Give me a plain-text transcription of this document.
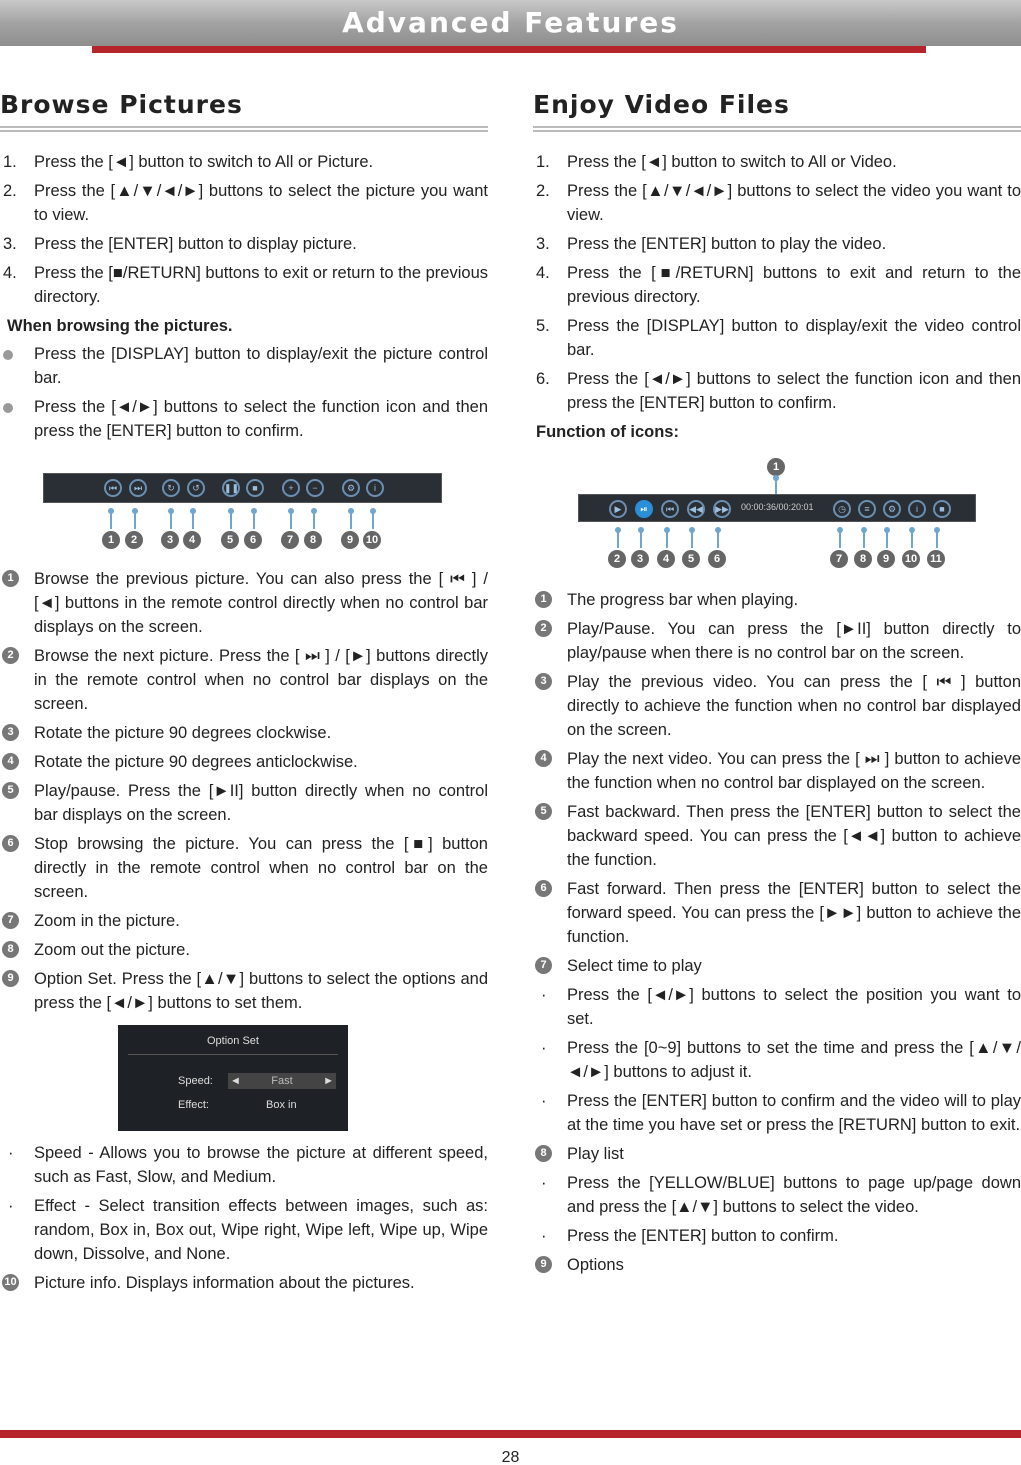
Advanced Features
Browse Pictures
1. Press the [◄] button to switch to All or Picture.
2. Press the [▲/▼/◄/►] buttons to select the picture you want to view.
3. Press the [ENTER] button to display picture.
4. Press the [■/RETURN] buttons to exit or return to the previous directory.
When browsing the pictures.
Press the [DISPLAY] button to display/exit the picture control bar.
Press the [◄/►] buttons to select the function icon and then press the [ENTER] button to confirm.
⏮	⏭	↻	↺	❚❚	■	+	−	⚙	i
1	2	3	4	5	6	7	8	9	10
1	Browse the previous picture. You can also press the [ ⏮ ] / [◄] buttons in the remote control directly when no control bar displays on the screen.
2	Browse the next picture. Press the [ ⏭ ] / [►] buttons directly in the remote control when no control bar displays on the screen.
3	Rotate the picture 90 degrees clockwise.
4	Rotate the picture 90 degrees anticlockwise.
5	Play/pause. Press the [►II] button directly when no control bar displays on the screen.
6	Stop browsing the picture. You can press the [■] button directly in the remote control when no control bar on the screen.
7	Zoom in the picture.
8	Zoom out the picture.
9	Option Set. Press the [▲/▼] buttons to select the options and press the [◄/►] buttons to set them.
Option Set
Speed: ◄	Fast	►
Effect:	Box in
· Speed - Allows you to browse the picture at different speed, such as Fast, Slow, and Medium.
· Effect - Select transition effects between images, such as: random, Box in, Box out, Wipe right, Wipe left, Wipe up, Wipe down, Dissolve, and None.
10 Picture info. Displays information about the pictures.
Enjoy Video Files
1. Press the [◄] button to switch to All or Video.
2. Press the [▲/▼/◄/►] buttons to select the video you want to view.
3. Press the [ENTER] button to play the video.
4. Press the [■/RETURN] buttons to exit and return to the previous directory.
5. Press the [DISPLAY] button to display/exit the video control bar.
6. Press the [◄/►] buttons to select the function icon and then press the [ENTER] button to confirm.
Function of icons:
1
▶	⏯	⏮	◀◀ ▶▶ 00:00:36/00:20:01	◷	≡	⚙	i	■
2	3	4	5	6	7	8	9	10 11
1	The progress bar when playing.
2	Play/Pause. You can press the [►II] button directly to play/pause when there is no control bar on the screen.
3	Play the previous video. You can press the [ ⏮ ] button directly to achieve the function when no control bar displayed on the screen.
4	Play the next video. You can press the [ ⏭ ] button to achieve the function when no control bar displayed on the screen.
5	Fast backward. Then press the [ENTER] button to select the backward speed. You can press the [◄◄] button to achieve the function.
6	Fast forward. Then press the [ENTER] button to select the forward speed. You can press the [►►] button to achieve the function.
7	Select time to play
· Press the [◄/►] buttons to select the position you want to set.
· Press the [0~9] buttons to set the time and press the [▲/▼/◄/►] buttons to adjust it.
· Press the [ENTER] button to confirm and the video will to play at the time you have set or press the [RETURN] button to exit.
8	Play list
· Press the [YELLOW/BLUE] buttons to page up/page down and press the [▲/▼] buttons to select the video.
· Press the [ENTER] button to confirm.
9	Options
28
